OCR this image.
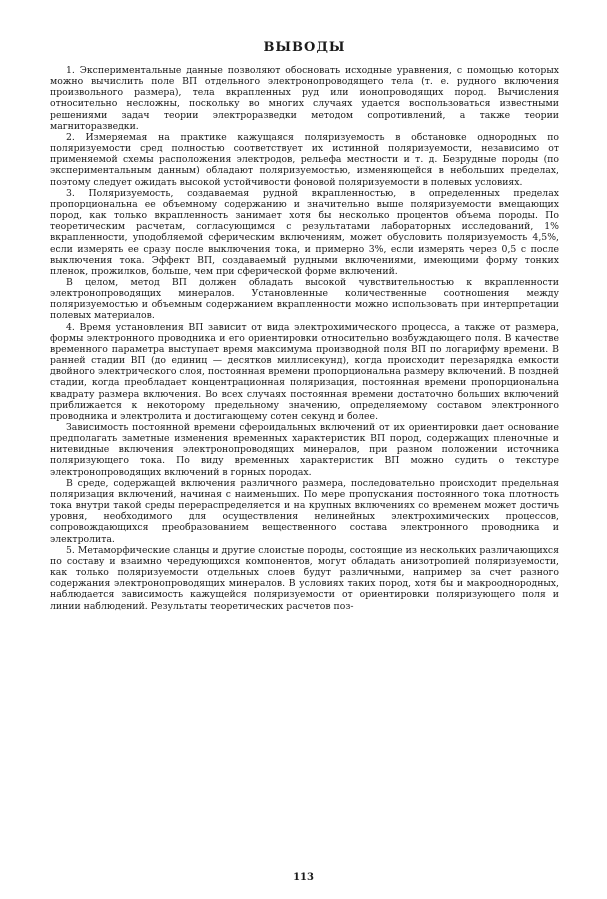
ВЫВОДЫ

1. Экспериментальные данные позволяют обосновать исходные уравнения, с помощью которых можно вычислить поле ВП отдельного электронопроводящего тела (т. е. рудного включения произвольного размера), тела вкрапленных руд или ионопроводящих пород. Вычисления относительно несложны, поскольку во многих случаях удается воспользоваться известными решениями задач теории электроразведки методом сопротивлений, а также теории магниторазведки.

2. Измеряемая на практике кажущаяся поляризуемость в обстановке однородных по поляризуемости сред полностью соответствует их истинной поляризуемости, независимо от применяемой схемы расположения электродов, рельефа местности и т. д. Безрудные породы (по экспериментальным данным) обладают поляризуемостью, изменяющейся в небольших пределах, поэтому следует ожидать высокой устойчивости фоновой поляризуемости в полевых условиях.

3. Поляризуемость, создаваемая рудной вкрапленностью, в определенных пределах пропорциональна ее объемному содержанию и значительно выше поляризуемости вмещающих пород, как только вкрапленность занимает хотя бы несколько процентов объема породы. По теоретическим расчетам, согласующимся с результатами лабораторных исследований, 1% вкрапленности, уподобляемой сферическим включениям, может обусловить поляризуемость 4,5%, если измерять ее сразу после выключения тока, и примерно 3%, если измерять через 0,5 с после выключения тока. Эффект ВП, создаваемый рудными включениями, имеющими форму тонких пленок, прожилков, больше, чем при сферической форме включений.

В целом, метод ВП должен обладать высокой чувствительностью к вкрапленности электронопроводящих минералов. Установленные количественные соотношения между поляризуемостью и объемным содержанием вкрапленности можно использовать при интерпретации полевых материалов.

4. Время установления ВП зависит от вида электрохимического процесса, а также от размера, формы электронного проводника и его ориентировки относительно возбуждающего поля. В качестве временного параметра выступает время максимума производной поля ВП по логарифму времени. В ранней стадии ВП (до единиц — десятков миллисекунд), когда происходит перезарядка емкости двойного электрического слоя, постоянная времени пропорциональна размеру включений. В поздней стадии, когда преобладает концентрационная поляризация, постоянная времени пропорциональна квадрату размера включения. Во всех случаях постоянная времени достаточно больших включений приближается к некоторому предельному значению, определяемому составом электронного проводника и электролита и достигающему сотен секунд и более.

Зависимость постоянной времени сфероидальных включений от их ориентировки дает основание предполагать заметные изменения временных характеристик ВП пород, содержащих пленочные и нитевидные включения электронопроводящих минералов, при разном положении источника поляризующего тока. По виду временных характеристик ВП можно судить о текстуре электронопроводящих включений в горных породах.

В среде, содержащей включения различного размера, последовательно происходит предельная поляризация включений, начиная с наименьших. По мере пропускания постоянного тока плотность тока внутри такой среды перераспределяется и на крупных включениях со временем может достичь уровня, необходимого для осуществления нелинейных электрохимических процессов, сопровождающихся преобразованием вещественного состава электронного проводника и электролита.

5. Метаморфические сланцы и другие слоистые породы, состоящие из нескольких различающихся по составу и взаимно чередующихся компонентов, могут обладать анизотропией поляризуемости, как только поляризуемости отдельных слоев будут различными, например за счет разного содержания электронопроводящих минералов. В условиях таких пород, хотя бы и макрооднородных, наблюдается зависимость кажущейся поляризуемости от ориентировки поляризующего поля и линии наблюдений. Результаты теоретических расчетов поз-

113
